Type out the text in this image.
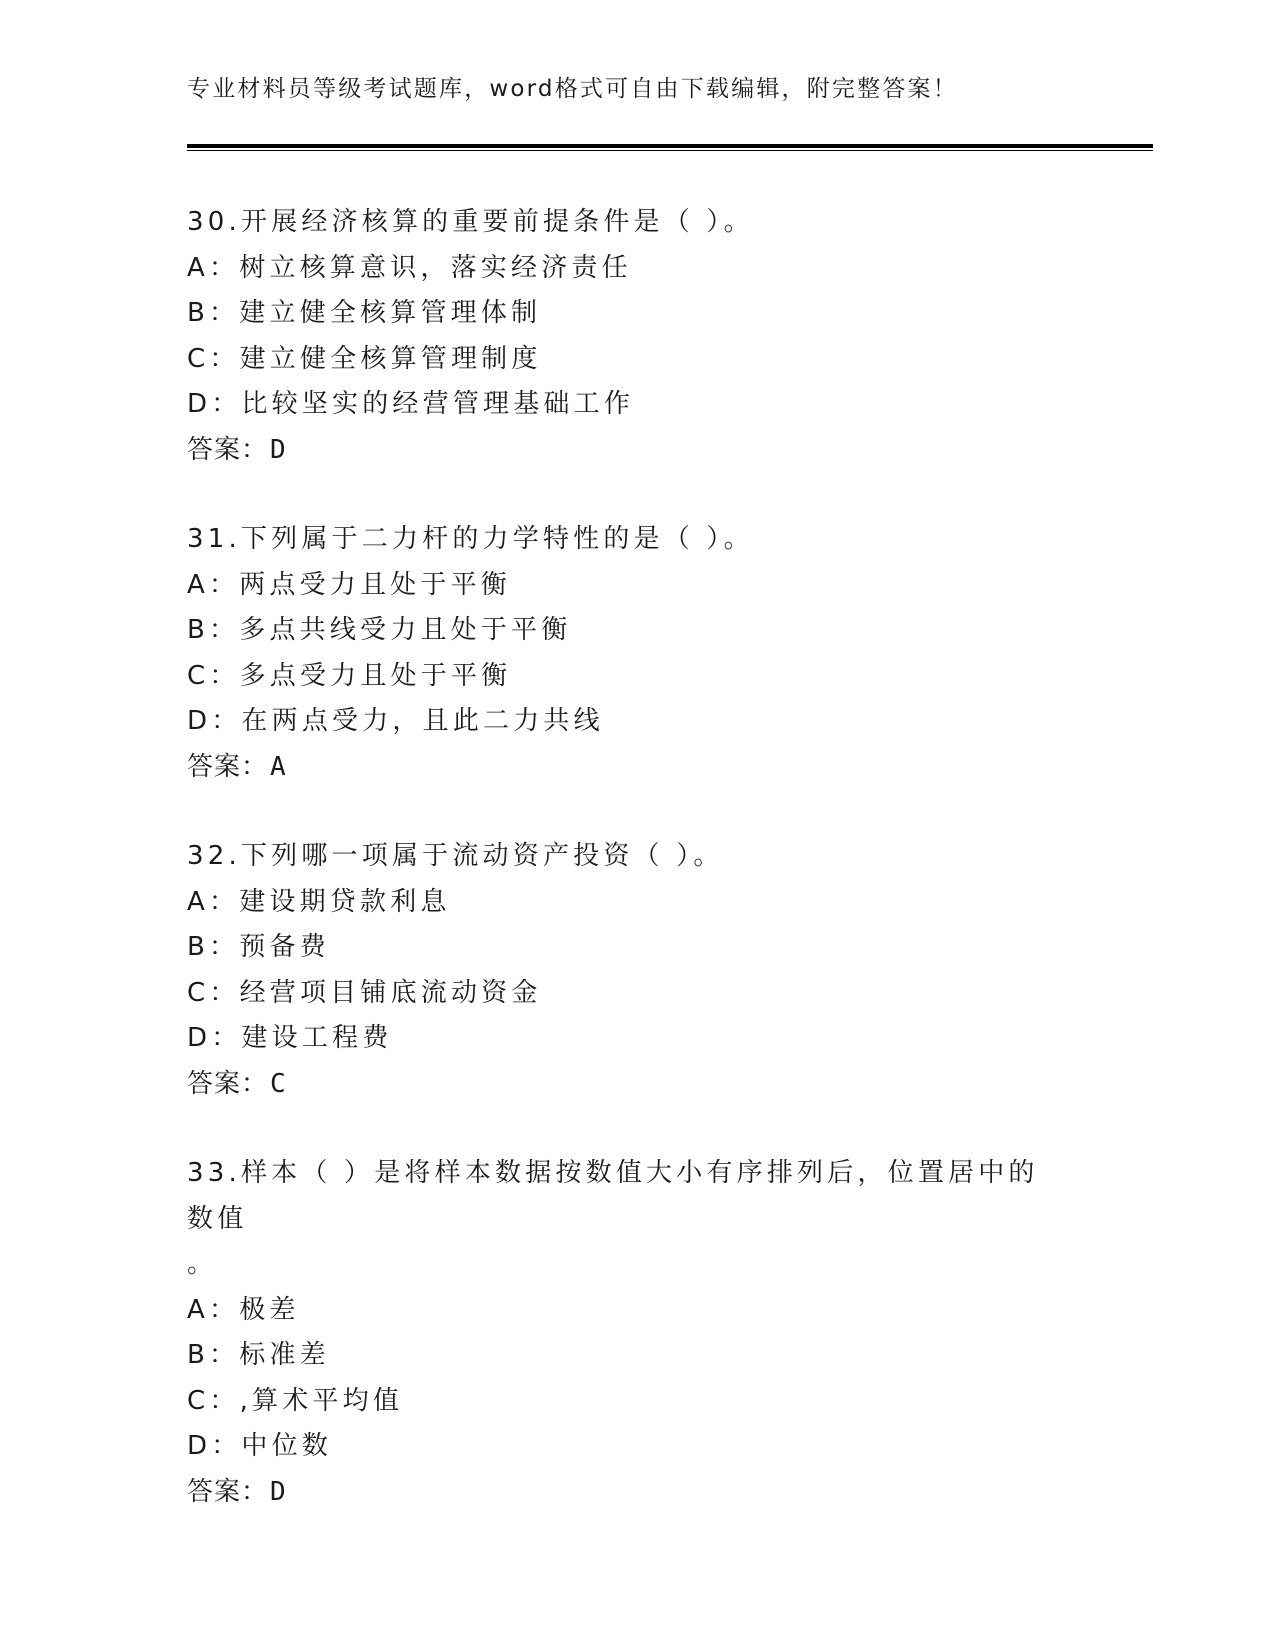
专业材料员等级考试题库，word格式可自由下载编辑，附完整答案！
30.开展经济核算的重要前提条件是（ ）。
A：树立核算意识，落实经济责任
B：建立健全核算管理体制
C：建立健全核算管理制度
D：比较坚实的经营管理基础工作
答案：D
31.下列属于二力杆的力学特性的是（ ）。
A：两点受力且处于平衡
B：多点共线受力且处于平衡
C：多点受力且处于平衡
D：在两点受力，且此二力共线
答案：A
32.下列哪一项属于流动资产投资（ ）。
A：建设期贷款利息
B：预备费
C：经营项目铺底流动资金
D：建设工程费
答案：C
33.样本（ ）是将样本数据按数值大小有序排列后，位置居中的数值
。
A：极差
B：标准差
C：,算术平均值
D：中位数
答案：D
